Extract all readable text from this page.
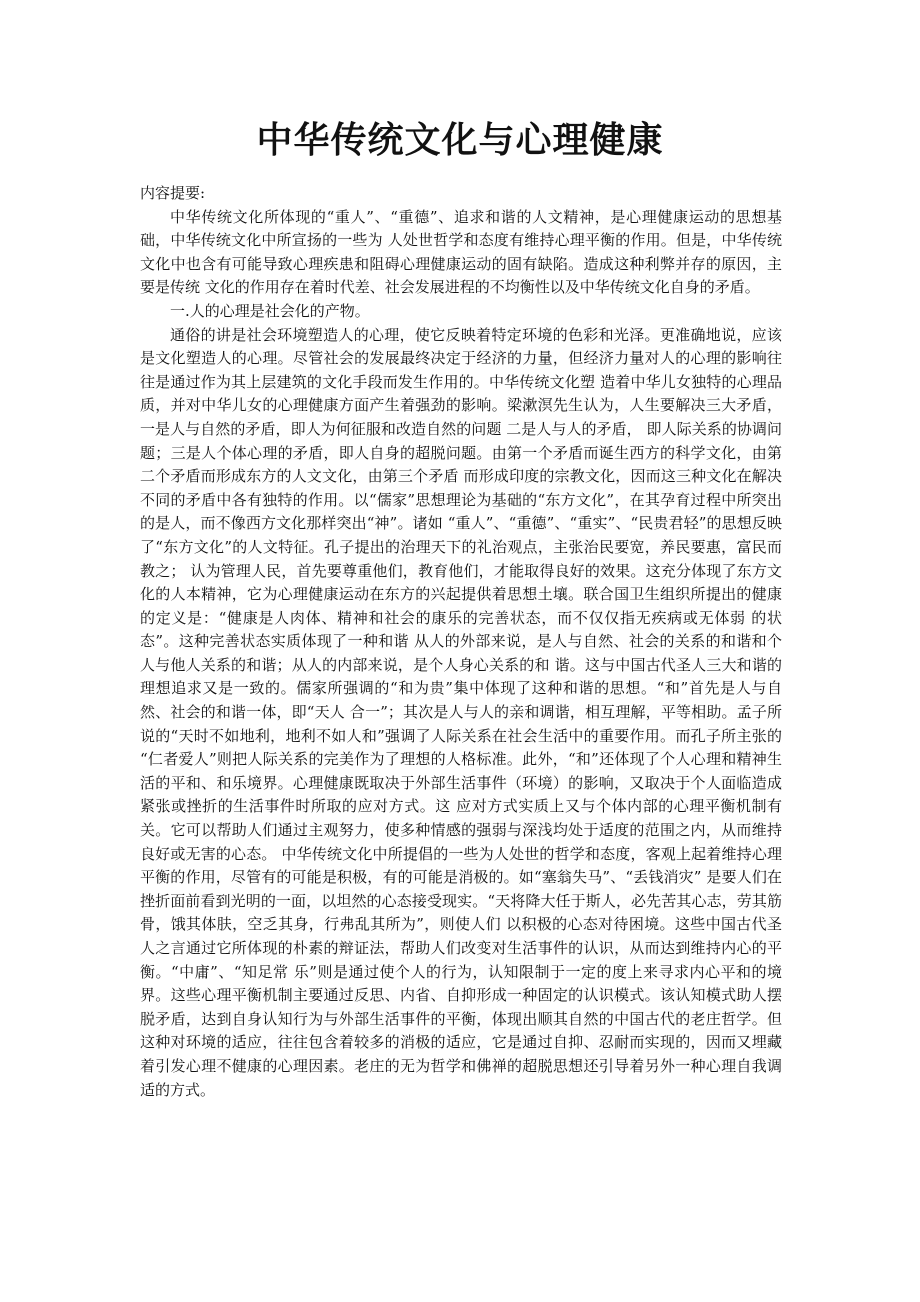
中华传统文化与心理健康

内容提要:

中华传统文化所体现的“重人”、“重德”、追求和谐的人文精神，是心理健康运动的思想基础，中华传统文化中所宣扬的一些为 人处世哲学和态度有维持心理平衡的作用。但是，中华传统文化中也含有可能导致心理疾患和阻碍心理健康运动的固有缺陷。造成这种利弊并存的原因，主要是传统 文化的作用存在着时代差、社会发展进程的不均衡性以及中华传统文化自身的矛盾。

一.人的心理是社会化的产物。

通俗的讲是社会环境塑造人的心理，使它反映着特定环境的色彩和光泽。更准确地说，应该 是文化塑造人的心理。尽管社会的发展最终决定于经济的力量，但经济力量对人的心理的影响往往是通过作为其上层建筑的文化手段而发生作用的。中华传统文化塑 造着中华儿女独特的心理品质，并对中华儿女的心理健康方面产生着强劲的影响。梁漱溟先生认为，人生要解决三大矛盾，一是人与自然的矛盾，即人为何征服和改造自然的问题 二是人与人的矛盾， 即人际关系的协调问题；三是人个体心理的矛盾，即人自身的超脱问题。由第一个矛盾而诞生西方的科学文化，由第二个矛盾而形成东方的人文文化，由第三个矛盾 而形成印度的宗教文化，因而这三种文化在解决不同的矛盾中各有独特的作用。以“儒家”思想理论为基础的“东方文化”，在其孕育过程中所突出的是人，而不像西方文化那样突出“神”。诸如 “重人”、“重德”、“重实”、“民贵君轻”的思想反映了“东方文化”的人文特征。孔子提出的治理天下的礼治观点，主张治民要宽，养民要惠，富民而教之； 认为管理人民，首先要尊重他们，教育他们，才能取得良好的效果。这充分体现了东方文化的人本精神，它为心理健康运动在东方的兴起提供着思想土壤。联合国卫生组织所提出的健康的定义是：“健康是人肉体、精神和社会的康乐的完善状态，而不仅仅指无疾病或无体弱 的状态”。这种完善状态实质体现了一种和谐 从人的外部来说，是人与自然、社会的关系的和谐和个人与他人关系的和谐；从人的内部来说，是个人身心关系的和 谐。这与中国古代圣人三大和谐的理想追求又是一致的。儒家所强调的“和为贵”集中体现了这种和谐的思想。“和”首先是人与自然、社会的和谐一体，即“天人 合一”；其次是人与人的亲和调谐，相互理解，平等相助。孟子所说的“天时不如地利，地利不如人和”强调了人际关系在社会生活中的重要作用。而孔子所主张的 “仁者爱人”则把人际关系的完美作为了理想的人格标准。此外，“和”还体现了个人心理和精神生活的平和、和乐境界。心理健康既取决于外部生活事件（环境）的影响，又取决于个人面临造成紧张或挫折的生活事件时所取的应对方式。这 应对方式实质上又与个体内部的心理平衡机制有关。它可以帮助人们通过主观努力，使多种情感的强弱与深浅均处于适度的范围之内，从而维持良好或无害的心态。 中华传统文化中所提倡的一些为人处世的哲学和态度，客观上起着维持心理平衡的作用，尽管有的可能是积极，有的可能是消极的。如“塞翁失马”、“丢钱消灾” 是要人们在挫折面前看到光明的一面，以坦然的心态接受现实。“天将降大任于斯人，必先苦其心志，劳其筋骨，饿其体肤，空乏其身，行弗乱其所为”，则使人们 以积极的心态对待困境。这些中国古代圣人之言通过它所体现的朴素的辩证法，帮助人们改变对生活事件的认识，从而达到维持内心的平衡。“中庸”、“知足常 乐”则是通过使个人的行为，认知限制于一定的度上来寻求内心平和的境界。这些心理平衡机制主要通过反思、内省、自抑形成一种固定的认识模式。该认知模式助人摆脱矛盾，达到自身认知行为与外部生活事件的平衡，体现出顺其自然的中国古代的老庄哲学。但这种对环境的适应，往往包含着较多的消极的适应，它是通过自抑、忍耐而实现的，因而又埋藏 着引发心理不健康的心理因素。老庄的无为哲学和佛禅的超脱思想还引导着另外一种心理自我调适的方式。
